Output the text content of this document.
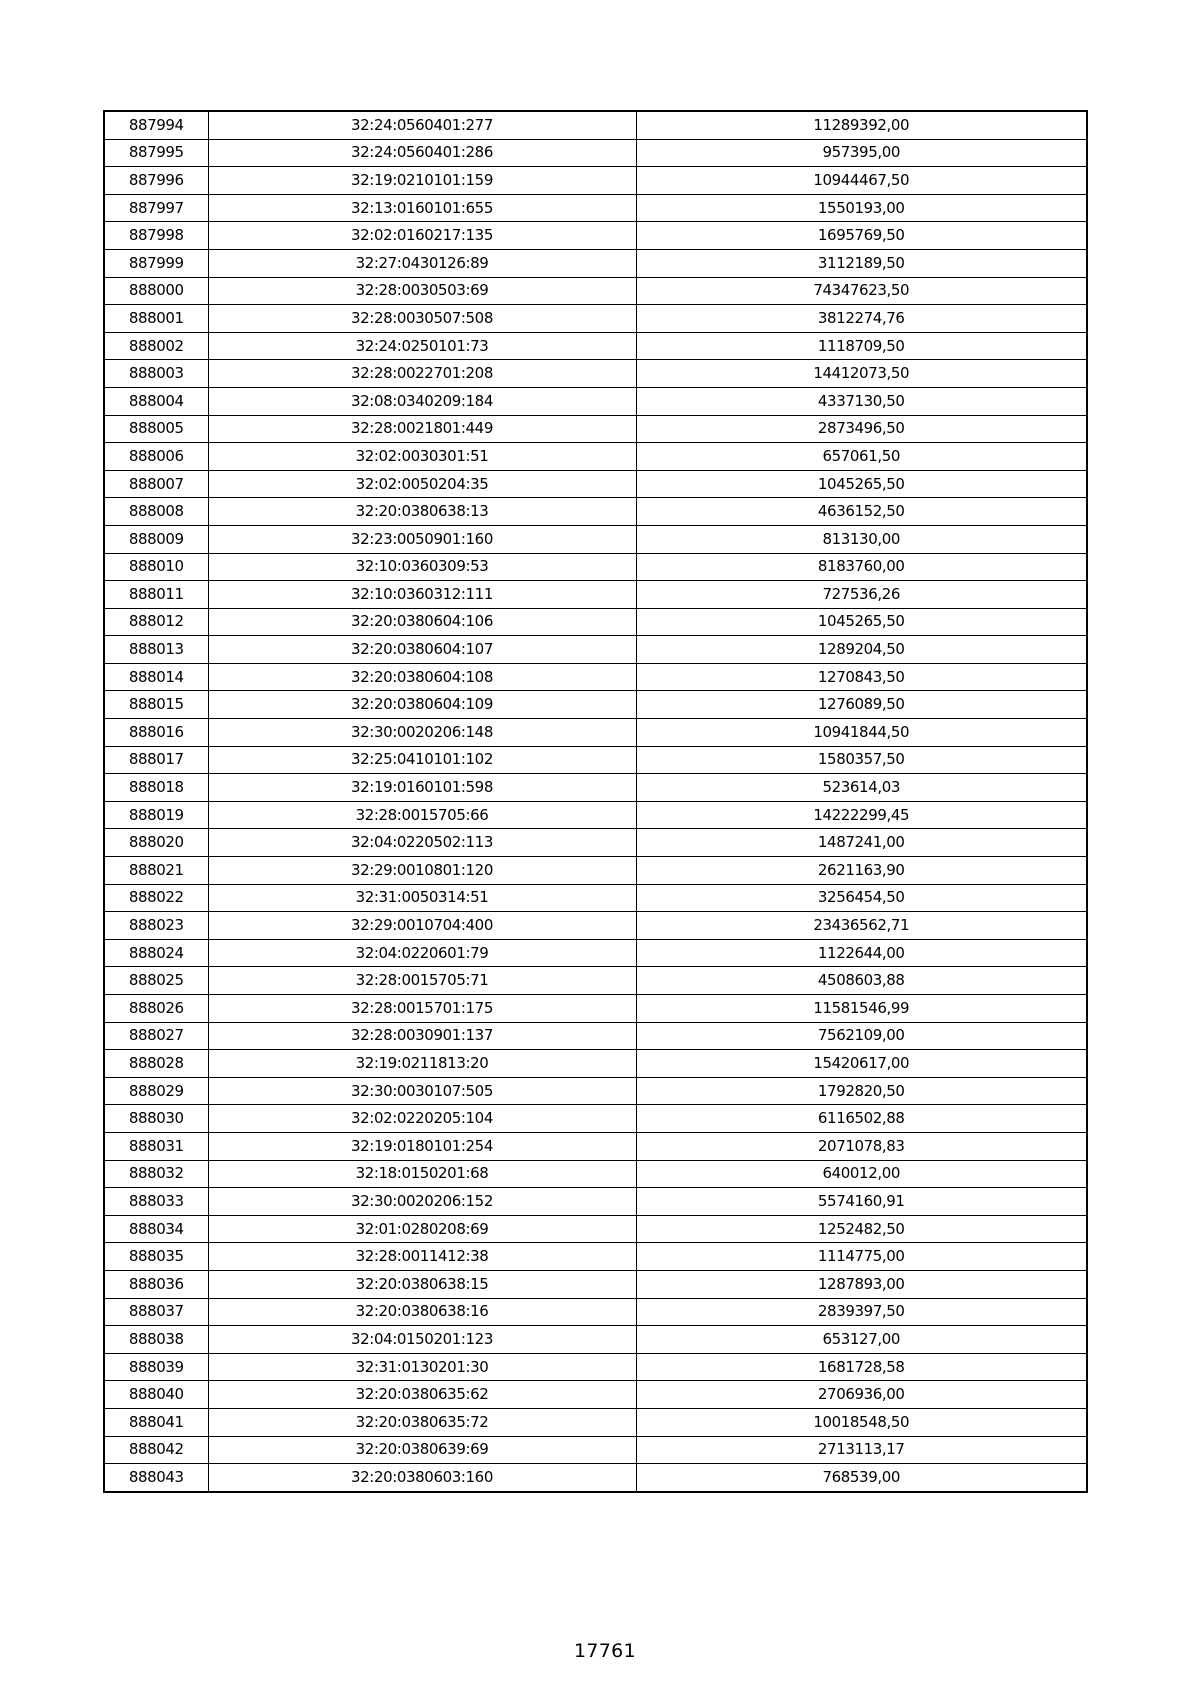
887994	32:24:0560401:277	11289392,00
887995	32:24:0560401:286	957395,00
887996	32:19:0210101:159	10944467,50
887997	32:13:0160101:655	1550193,00
887998	32:02:0160217:135	1695769,50
887999	32:27:0430126:89	3112189,50
888000	32:28:0030503:69	74347623,50
888001	32:28:0030507:508	3812274,76
888002	32:24:0250101:73	1118709,50
888003	32:28:0022701:208	14412073,50
888004	32:08:0340209:184	4337130,50
888005	32:28:0021801:449	2873496,50
888006	32:02:0030301:51	657061,50
888007	32:02:0050204:35	1045265,50
888008	32:20:0380638:13	4636152,50
888009	32:23:0050901:160	813130,00
888010	32:10:0360309:53	8183760,00
888011	32:10:0360312:111	727536,26
888012	32:20:0380604:106	1045265,50
888013	32:20:0380604:107	1289204,50
888014	32:20:0380604:108	1270843,50
888015	32:20:0380604:109	1276089,50
888016	32:30:0020206:148	10941844,50
888017	32:25:0410101:102	1580357,50
888018	32:19:0160101:598	523614,03
888019	32:28:0015705:66	14222299,45
888020	32:04:0220502:113	1487241,00
888021	32:29:0010801:120	2621163,90
888022	32:31:0050314:51	3256454,50
888023	32:29:0010704:400	23436562,71
888024	32:04:0220601:79	1122644,00
888025	32:28:0015705:71	4508603,88
888026	32:28:0015701:175	11581546,99
888027	32:28:0030901:137	7562109,00
888028	32:19:0211813:20	15420617,00
888029	32:30:0030107:505	1792820,50
888030	32:02:0220205:104	6116502,88
888031	32:19:0180101:254	2071078,83
888032	32:18:0150201:68	640012,00
888033	32:30:0020206:152	5574160,91
888034	32:01:0280208:69	1252482,50
888035	32:28:0011412:38	1114775,00
888036	32:20:0380638:15	1287893,00
888037	32:20:0380638:16	2839397,50
888038	32:04:0150201:123	653127,00
888039	32:31:0130201:30	1681728,58
888040	32:20:0380635:62	2706936,00
888041	32:20:0380635:72	10018548,50
888042	32:20:0380639:69	2713113,17
888043	32:20:0380603:160	768539,00
17761
